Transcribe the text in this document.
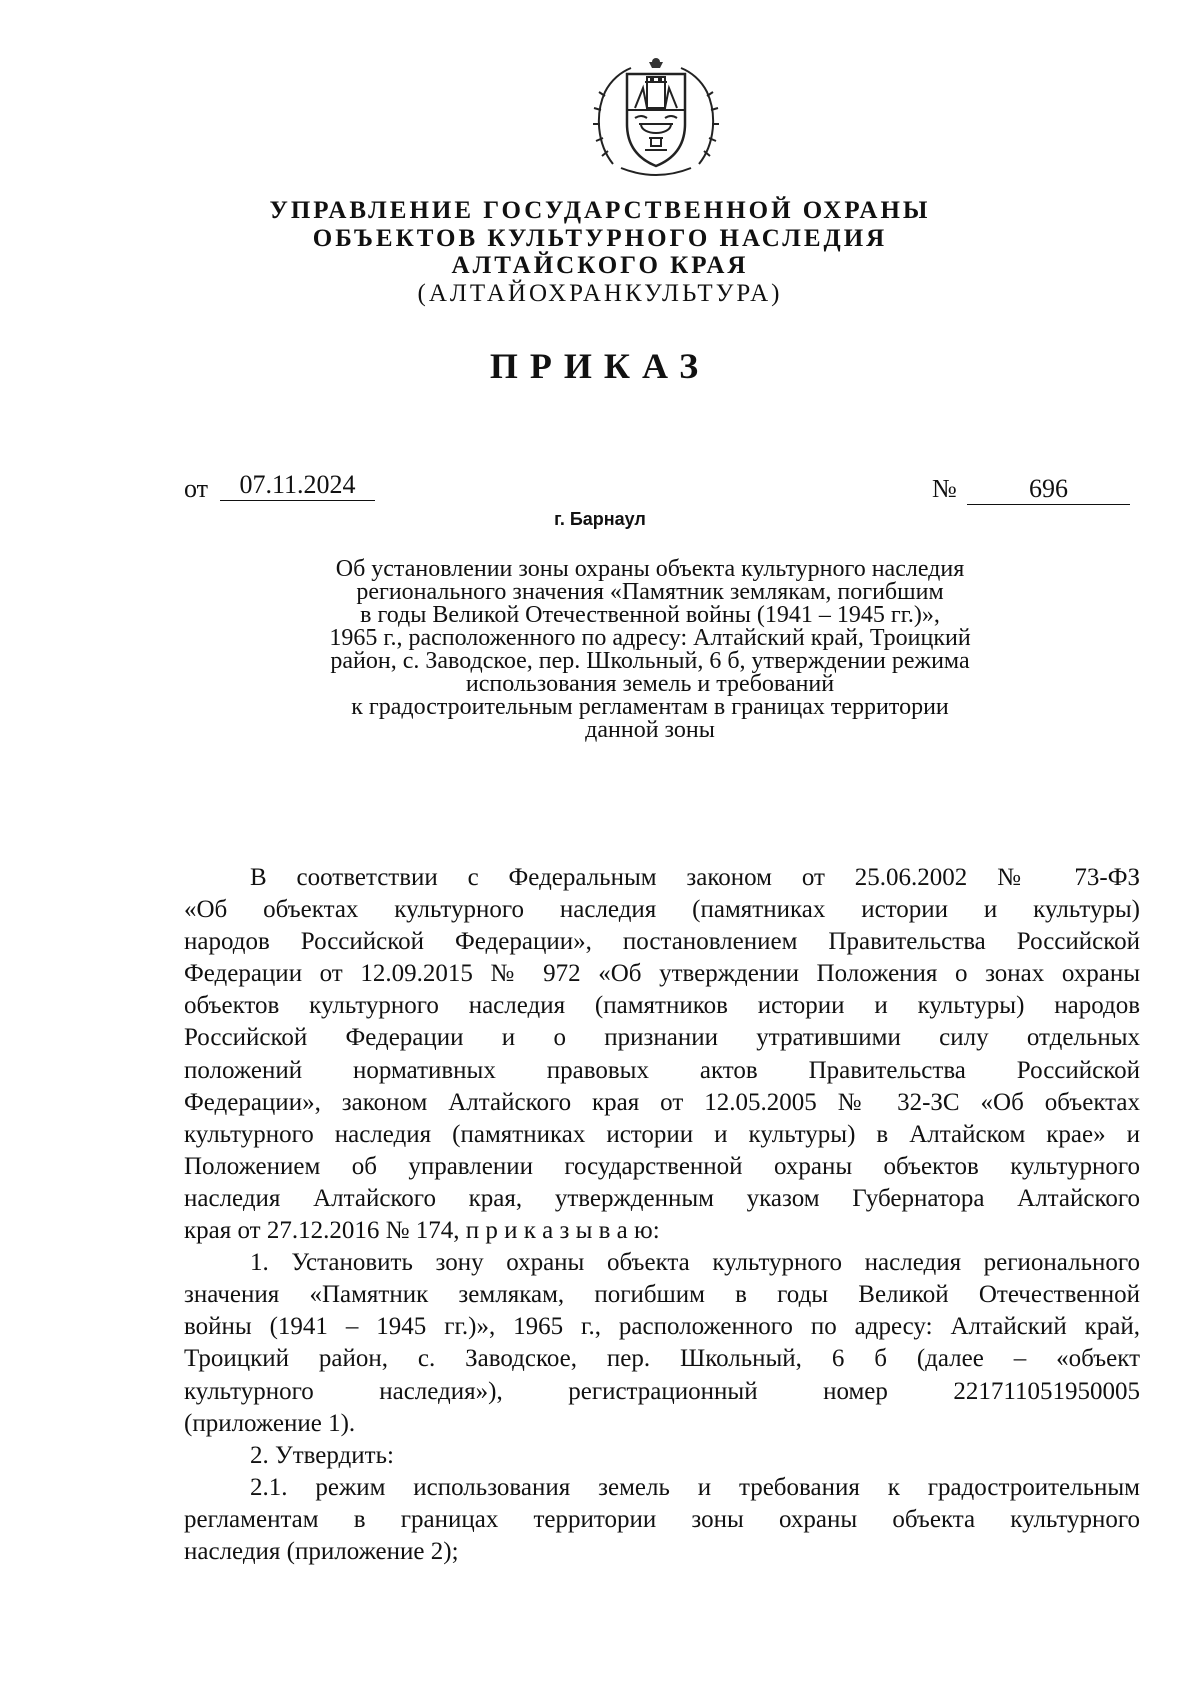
УПРАВЛЕНИЕ ГОСУДАРСТВЕННОЙ ОХРАНЫ
ОБЪЕКТОВ КУЛЬТУРНОГО НАСЛЕДИЯ
АЛТАЙСКОГО КРАЯ
(АЛТАЙОХРАНКУЛЬТУРА)
ПРИКАЗ
от	07.11.2024	№	696
г. Барнаул
Об установлении зоны охраны объекта культурного наследия
регионального значения «Памятник землякам, погибшим
в годы Великой Отечественной войны (1941 – 1945 гг.)»,
1965 г., расположенного по адресу: Алтайский край, Троицкий
район, с. Заводское, пер. Школьный, 6 б, утверждении режима
использования земель и требований
к градостроительным регламентам в границах территории
данной зоны
В соответствии с Федеральным законом от 25.06.2002 № 73-ФЗ
«Об объектах культурного наследия (памятниках истории и культуры)
народов Российской Федерации», постановлением Правительства Российской
Федерации от 12.09.2015 № 972 «Об утверждении Положения о зонах охраны
объектов культурного наследия (памятников истории и культуры) народов
Российской Федерации и о признании утратившими силу отдельных
положений нормативных правовых актов Правительства Российской
Федерации», законом Алтайского края от 12.05.2005 № 32-ЗС «Об объектах
культурного наследия (памятниках истории и культуры) в Алтайском крае» и
Положением об управлении государственной охраны объектов культурного
наследия Алтайского края, утвержденным указом Губернатора Алтайского
края от 27.12.2016 № 174, п р и к а з ы в а ю:
1. Установить зону охраны объекта культурного наследия регионального
значения «Памятник землякам, погибшим в годы Великой Отечественной
войны (1941 – 1945 гг.)», 1965 г., расположенного по адресу: Алтайский край,
Троицкий район, с. Заводское, пер. Школьный, 6 б (далее – «объект
культурного наследия»), регистрационный номер 221711051950005
(приложение 1).
2. Утвердить:
2.1. режим использования земель и требования к градостроительным
регламентам в границах территории зоны охраны объекта культурного
наследия (приложение 2);
